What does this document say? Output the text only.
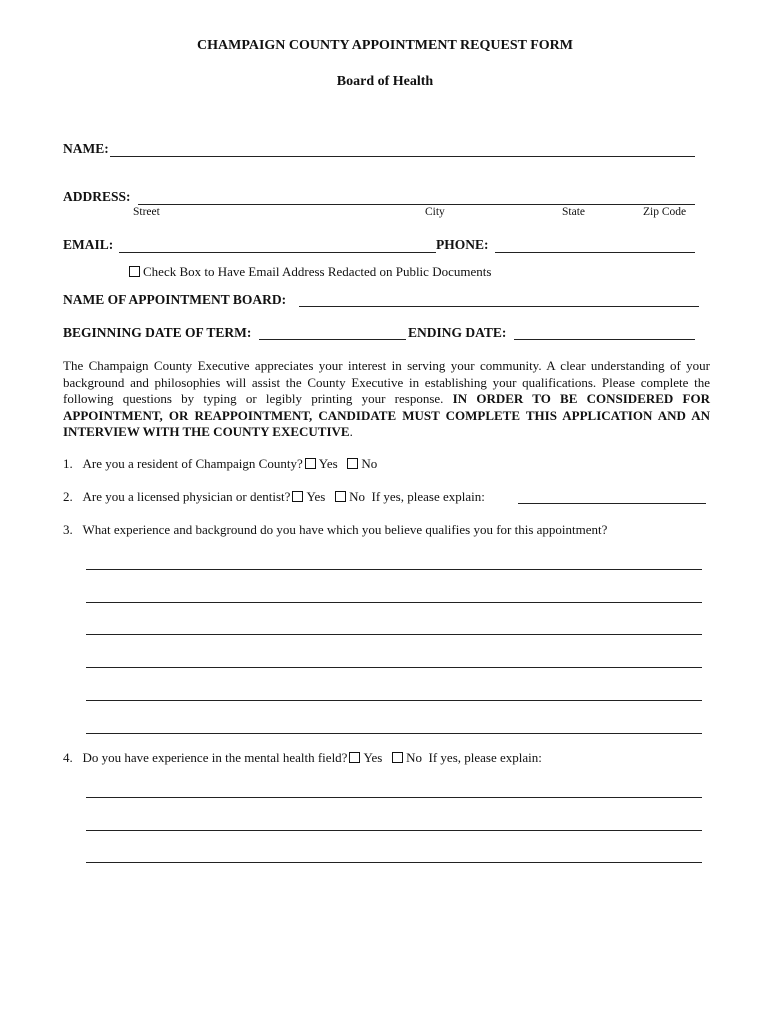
CHAMPAIGN COUNTY APPOINTMENT REQUEST FORM
Board of Health
NAME:
ADDRESS:
Street	City	State	Zip Code
EMAIL:	PHONE:
Check Box to Have Email Address Redacted on Public Documents
NAME OF APPOINTMENT BOARD:
BEGINNING DATE OF TERM:	ENDING DATE:
The Champaign County Executive appreciates your interest in serving your community. A clear understanding of your background and philosophies will assist the County Executive in establishing your qualifications. Please complete the following questions by typing or legibly printing your response. IN ORDER TO BE CONSIDERED FOR APPOINTMENT, OR REAPPOINTMENT, CANDIDATE MUST COMPLETE THIS APPLICATION AND AN INTERVIEW WITH THE COUNTY EXECUTIVE.
1. Are you a resident of Champaign County? Yes No
2. Are you a licensed physician or dentist? Yes No If yes, please explain:
3. What experience and background do you have which you believe qualifies you for this appointment?
4. Do you have experience in the mental health field? Yes No If yes, please explain:
